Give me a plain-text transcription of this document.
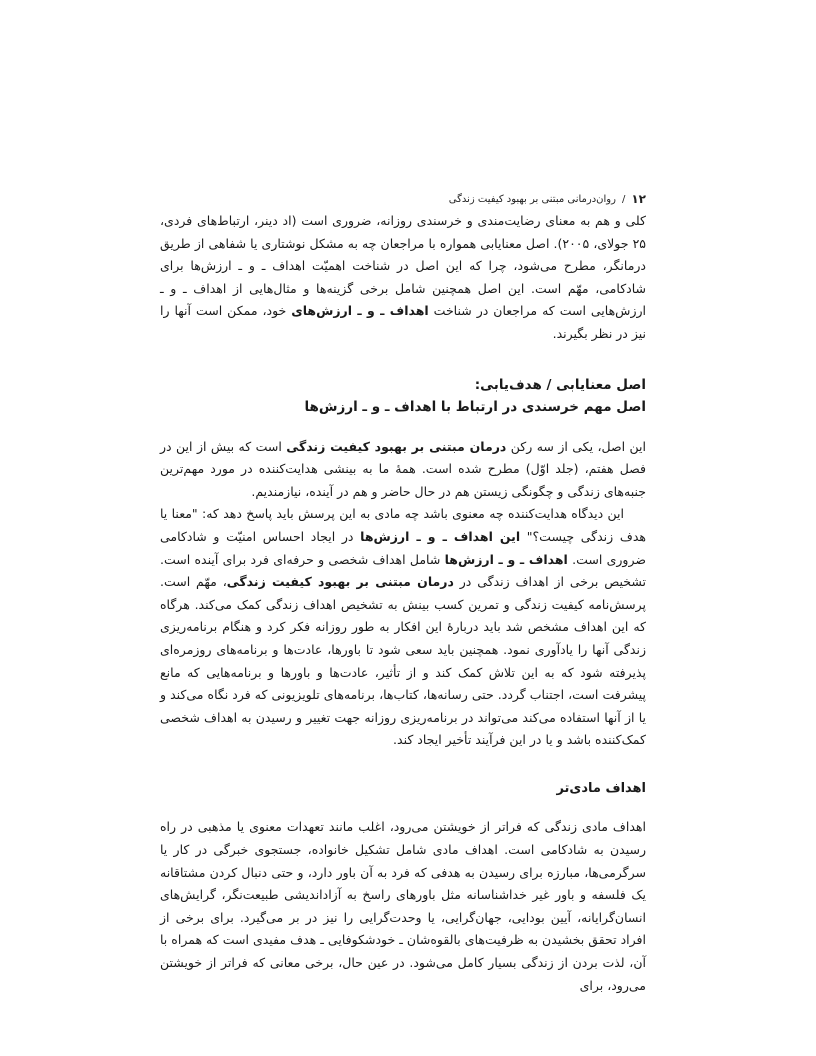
۱۲
/
روان‌درمانی مبتنی بر بهبود کیفیت زندگی

کلی و هم به معنای رضایت‌مندی و خرسندی روزانه، ضروری است (اد دینر، ارتباط‌های فردی، ۲۵ جولای، ۲۰۰۵). اصل معنایابی همواره با مراجعان چه به مشکل نوشتاری یا شفاهی از طریق درمانگر، مطرح می‌شود، چرا که این اصل در شناخت اهمیّت اهداف ـ و ـ ارزش‌ها برای شادکامی، مهّم است. این اصل همچنین شامل برخی گزینه‌ها و مثال‌هایی از اهداف ـ و ـ ارزش‌هایی است که مراجعان در شناخت اهداف ـ و ـ ارزش‌های خود، ممکن است آنها را نیز در نظر بگیرند.

اصل معنایابی / هدف‌یابی:
اصل مهم خرسندی در ارتباط با اهداف ـ و ـ ارزش‌ها

این اصل، یکی از سه رکن درمان مبتنی بر بهبود کیفیت زندگی است که بیش از این در فصل هفتم، (جلد اوّل) مطرح شده است. همهٔ ما به بینشی هدایت‌کننده در مورد مهم‌ترین جنبه‌های زندگی و چگونگی زیستن هم در حال حاضر و هم در آینده، نیازمندیم.

این دیدگاه هدایت‌کننده چه معنوی باشد چه مادی به این پرسش باید پاسخ دهد که: "معنا یا هدف زندگی چیست؟" این اهداف ـ و ـ ارزش‌ها در ایجاد احساس امنیّت و شادکامی ضروری است. اهداف ـ و ـ ارزش‌ها شامل اهداف شخصی و حرفه‌ای فرد برای آینده است. تشخیص برخی از اهداف زندگی در درمان مبتنی بر بهبود کیفیت زندگی، مهّم است. پرسش‌نامه کیفیت زندگی و تمرین کسب بینش به تشخیص اهداف زندگی کمک می‌کند. هرگاه که این اهداف مشخص شد باید دربارهٔ این افکار به طور روزانه فکر کرد و هنگام برنامه‌ریزی زندگی آنها را یادآوری نمود. همچنین باید سعی شود تا باورها، عادت‌ها و برنامه‌های روزمره‌ای پذیرفته شود که به این تلاش کمک کند و از تأثیر، عادت‌ها و باورها و برنامه‌هایی که مانع پیشرفت است، اجتناب گردد. حتی رسانه‌ها، کتاب‌ها، برنامه‌های تلویزیونی که فرد نگاه می‌کند و یا از آنها استفاده می‌کند می‌تواند در برنامه‌ریزی روزانه جهت تغییر و رسیدن به اهداف شخصی کمک‌کننده باشد و یا در این فرآیند تأخیر ایجاد کند.

اهداف مادی‌تر

اهداف مادی زندگی که فراتر از خویشتن می‌رود، اغلب مانند تعهدات معنوی یا مذهبی در راه رسیدن به شادکامی است. اهداف مادی شامل تشکیل خانواده، جستجوی خبرگی در کار یا سرگرمی‌ها، مبارزه برای رسیدن به هدفی که فرد به آن باور دارد، و حتی دنبال کردن مشتاقانه یک فلسفه و باور غیر خداشناسانه مثل باورهای راسخ به آزاداندیشی طبیعت‌نگر، گرایش‌های انسان‌گرایانه، آیین بودایی، جهان‌گرایی، یا وحدت‌گرایی را نیز در بر می‌گیرد. برای برخی از افراد تحقق بخشیدن به ظرفیت‌های بالقوه‌شان ـ خودشکوفایی ـ هدف مفیدی است که همراه با آن، لذت بردن از زندگی بسیار کامل می‌شود. در عین حال، برخی معانی که فراتر از خویشتن می‌رود، برای
